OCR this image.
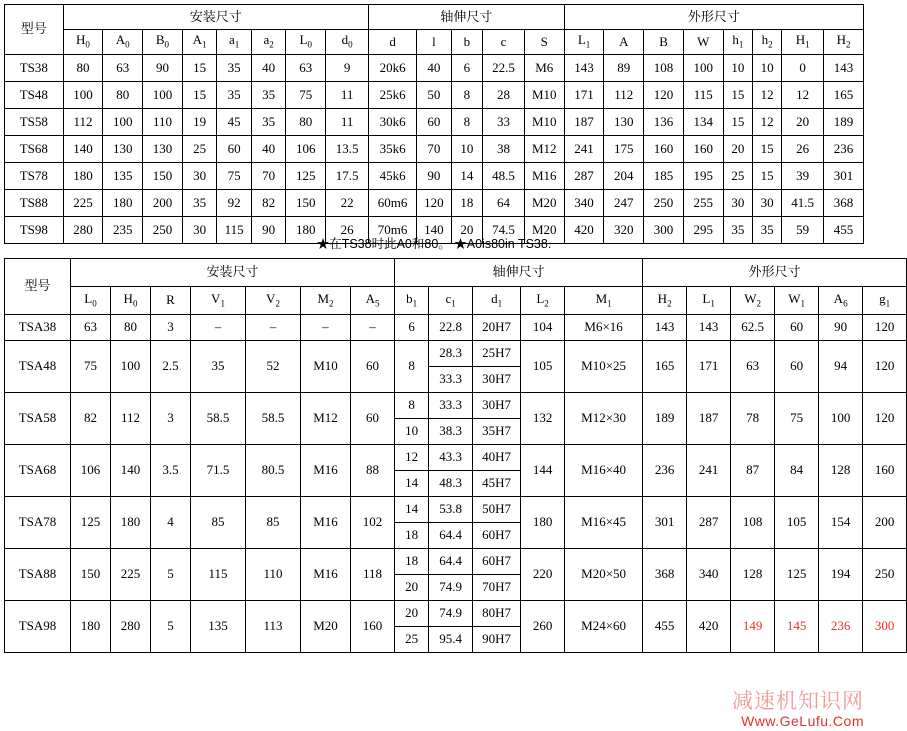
型号	安装尺寸								轴伸尺寸					外形尺寸							
	$H_0$	$A_0$	$B_0$	$A_1$	$a_1$	$a_2$	$L_0$	$d_0$	d	l	b	c	S	$L_1$	A	B	W	$h_1$	$h_2$	$H_1$	$H_2$
TS38	80	63	90	15	35	40	63	9	20k6	40	6	22.5	M6	143	89	108	100	10	10	0	143
TS48	100	80	100	15	35	35	75	11	25k6	50	8	28	M10	171	112	120	115	15	12	12	165
TS58	112	100	110	19	45	35	80	11	30k6	60	8	33	M10	187	130	136	134	15	12	20	189
TS68	140	130	130	25	60	40	106	13.5	35k6	70	10	38	M12	241	175	160	160	20	15	26	236
TS78	180	135	150	30	75	70	125	17.5	45k6	90	14	48.5	M16	287	204	185	195	25	15	39	301
TS88	225	180	200	35	92	82	150	22	60m6	120	18	64	M20	340	247	250	255	30	30	41.5	368
TS98	280	235	250	30	115	90	180	26	70m6	140	20	74.5	M20	420	320	300	295	35	35	59	455
★在TS38时此A0和80。 ★A0is80in TS38.
型号	安装尺寸							轴伸尺寸					外形尺寸					
	$L_0$	$H_0$	R	$V_1$	$V_2$	$M_2$	$A_5$	$b_1$	$c_1$	$d_1$	$L_2$	$M_1$	$H_2$	$L_1$	$W_2$	$W_1$	$A_6$	$g_1$
TSA38	63	80	3	–	–	–	–	6	22.8	20H7	104	M6×16	143	143	62.5	60	90	120
TSA48	75	100	2.5	35	52	M10	60	8	28.3	25H7	105	M10×25	165	171	63	60	94	120
									33.3	30H7								
TSA58	82	112	3	58.5	58.5	M12	60	8	33.3	30H7	132	M12×30	189	187	78	75	100	120
								10	38.3	35H7								
TSA68	106	140	3.5	71.5	80.5	M16	88	12	43.3	40H7	144	M16×40	236	241	87	84	128	160
								14	48.3	45H7								
TSA78	125	180	4	85	85	M16	102	14	53.8	50H7	180	M16×45	301	287	108	105	154	200
								18	64.4	60H7								
TSA88	150	225	5	115	110	M16	118	18	64.4	60H7	220	M20×50	368	340	128	125	194	250
								20	74.9	70H7								
TSA98	180	280	5	135	113	M20	160	20	74.9	80H7	260	M24×60	455	420	149	145	236	300
								25	95.4	90H7								
减速机知识网
Www.GeLufu.Com
